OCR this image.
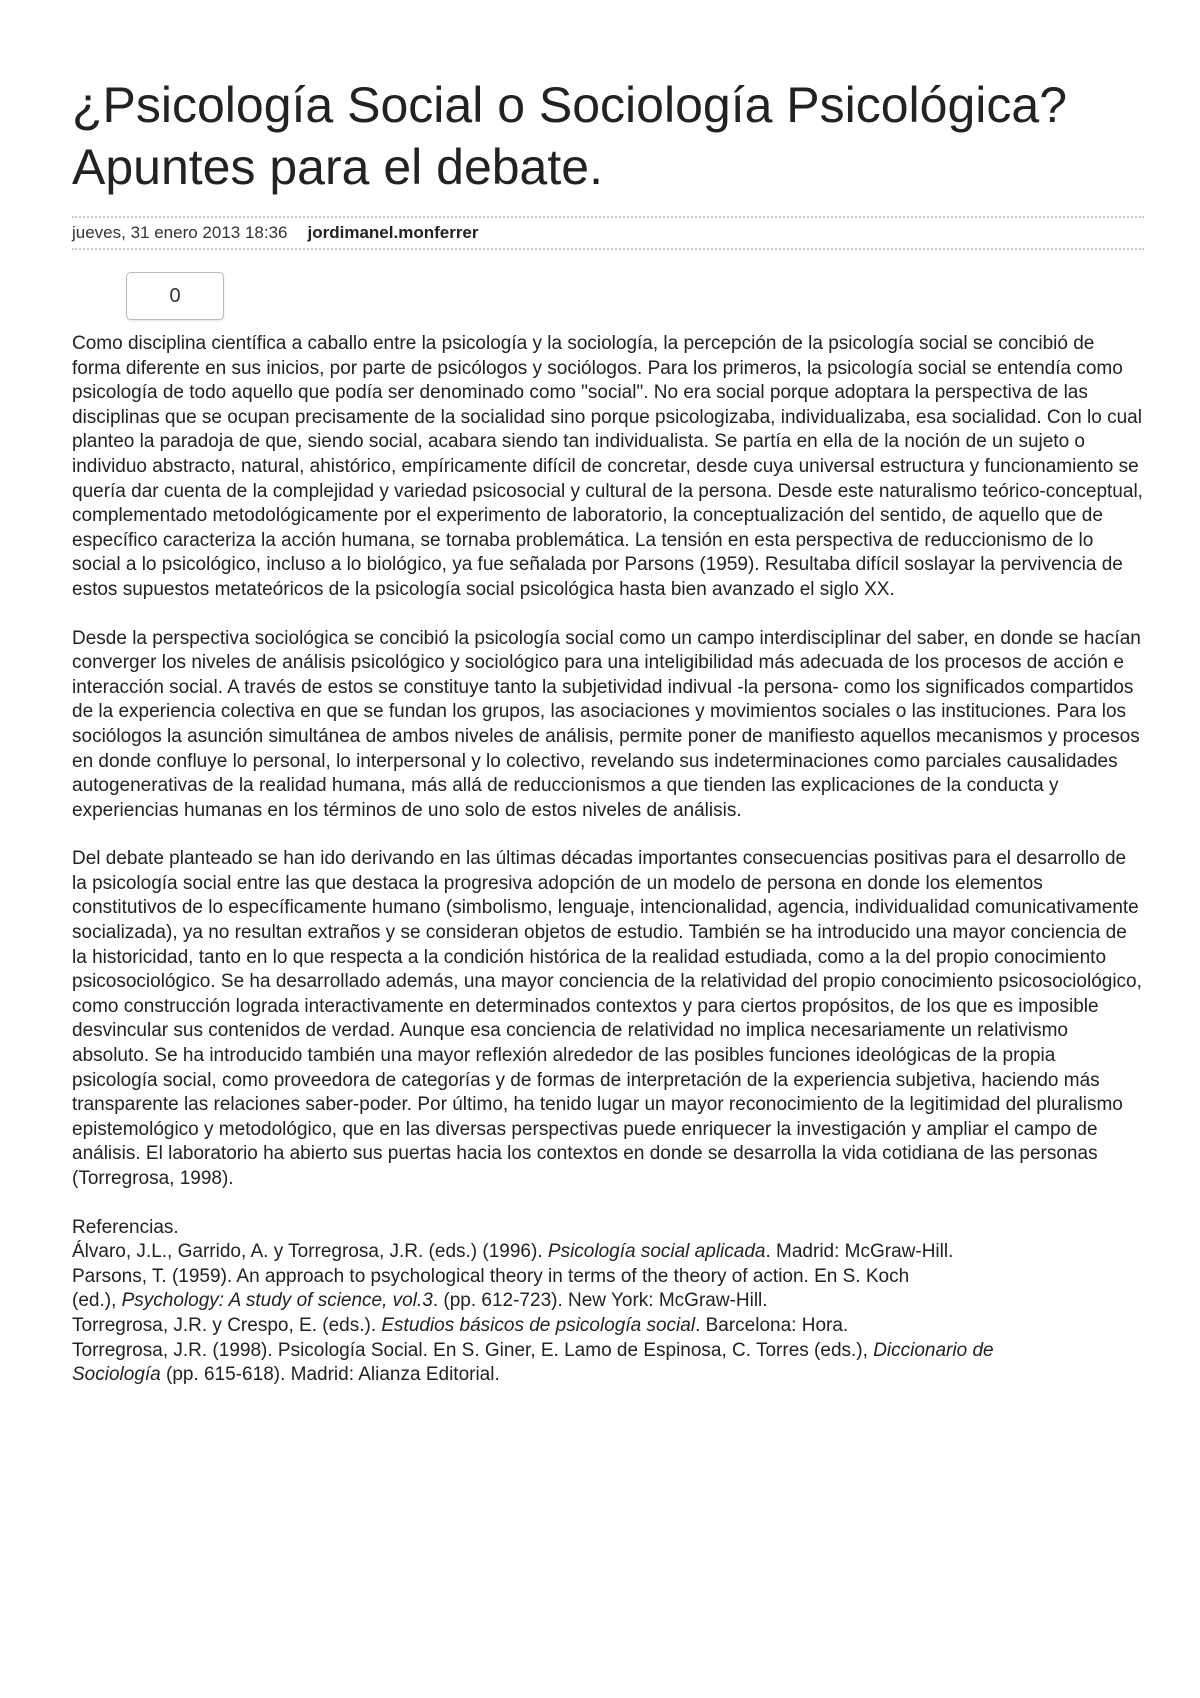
¿Psicología Social o Sociología Psicológica? Apuntes para el debate.
jueves, 31 enero 2013 18:36 jordimanel.monferrer
0

Como disciplina científica a caballo entre la psicología y la sociología, la percepción de la psicología social se concibió de forma diferente en sus inicios, por parte de psicólogos y sociólogos. Para los primeros, la psicología social se entendía como psicología de todo aquello que podía ser denominado como "social". No era social porque adoptara la perspectiva de las disciplinas que se ocupan precisamente de la socialidad sino porque psicologizaba, individualizaba, esa socialidad. Con lo cual planteo la paradoja de que, siendo social, acabara siendo tan individualista. Se partía en ella de la noción de un sujeto o individuo abstracto, natural, ahistórico, empíricamente difícil de concretar, desde cuya universal estructura y funcionamiento se quería dar cuenta de la complejidad y variedad psicosocial y cultural de la persona. Desde este naturalismo teórico-conceptual, complementado metodológicamente por el experimento de laboratorio, la conceptualización del sentido, de aquello que de específico caracteriza la acción humana, se tornaba problemática. La tensión en esta perspectiva de reduccionismo de lo social a lo psicológico, incluso a lo biológico, ya fue señalada por Parsons (1959). Resultaba difícil soslayar la pervivencia de estos supuestos metateóricos de la psicología social psicológica hasta bien avanzado el siglo XX.

Desde la perspectiva sociológica se concibió la psicología social como un campo interdisciplinar del saber, en donde se hacían converger los niveles de análisis psicológico y sociológico para una inteligibilidad más adecuada de los procesos de acción e interacción social. A través de estos se constituye tanto la subjetividad indivual -la persona- como los significados compartidos de la experiencia colectiva en que se fundan los grupos, las asociaciones y movimientos sociales o las instituciones. Para los sociólogos la asunción simultánea de ambos niveles de análisis, permite poner de manifiesto aquellos mecanismos y procesos en donde confluye lo personal, lo interpersonal y lo colectivo, revelando sus indeterminaciones como parciales causalidades autogenerativas de la realidad humana, más allá de reduccionismos a que tienden las explicaciones de la conducta y experiencias humanas en los términos de uno solo de estos niveles de análisis.

Del debate planteado se han ido derivando en las últimas décadas importantes consecuencias positivas para el desarrollo de la psicología social entre las que destaca la progresiva adopción de un modelo de persona en donde los elementos constitutivos de lo específicamente humano (simbolismo, lenguaje, intencionalidad, agencia, individualidad comunicativamente socializada), ya no resultan extraños y se consideran objetos de estudio. También se ha introducido una mayor conciencia de la historicidad, tanto en lo que respecta a la condición histórica de la realidad estudiada, como a la del propio conocimiento psicosociológico. Se ha desarrollado además, una mayor conciencia de la relatividad del propio conocimiento psicosociológico, como construcción lograda interactivamente en determinados contextos y para ciertos propósitos, de los que es imposible desvincular sus contenidos de verdad. Aunque esa conciencia de relatividad no implica necesariamente un relativismo absoluto. Se ha introducido también una mayor reflexión alrededor de las posibles funciones ideológicas de la propia psicología social, como proveedora de categorías y de formas de interpretación de la experiencia subjetiva, haciendo más transparente las relaciones saber-poder. Por último, ha tenido lugar un mayor reconocimiento de la legitimidad del pluralismo epistemológico y metodológico, que en las diversas perspectivas puede enriquecer la investigación y ampliar el campo de análisis. El laboratorio ha abierto sus puertas hacia los contextos en donde se desarrolla la vida cotidiana de las personas (Torregrosa, 1998).

Referencias.
Álvaro, J.L., Garrido, A. y Torregrosa, J.R. (eds.) (1996). Psicología social aplicada. Madrid: McGraw-Hill.
Parsons, T. (1959). An approach to psychological theory in terms of the theory of action. En S. Koch
(ed.), Psychology: A study of science, vol.3. (pp. 612-723). New York: McGraw-Hill.
Torregrosa, J.R. y Crespo, E. (eds.). Estudios básicos de psicología social. Barcelona: Hora.
Torregrosa, J.R. (1998). Psicología Social. En S. Giner, E. Lamo de Espinosa, C. Torres (eds.), Diccionario de
Sociología (pp. 615-618). Madrid: Alianza Editorial.
